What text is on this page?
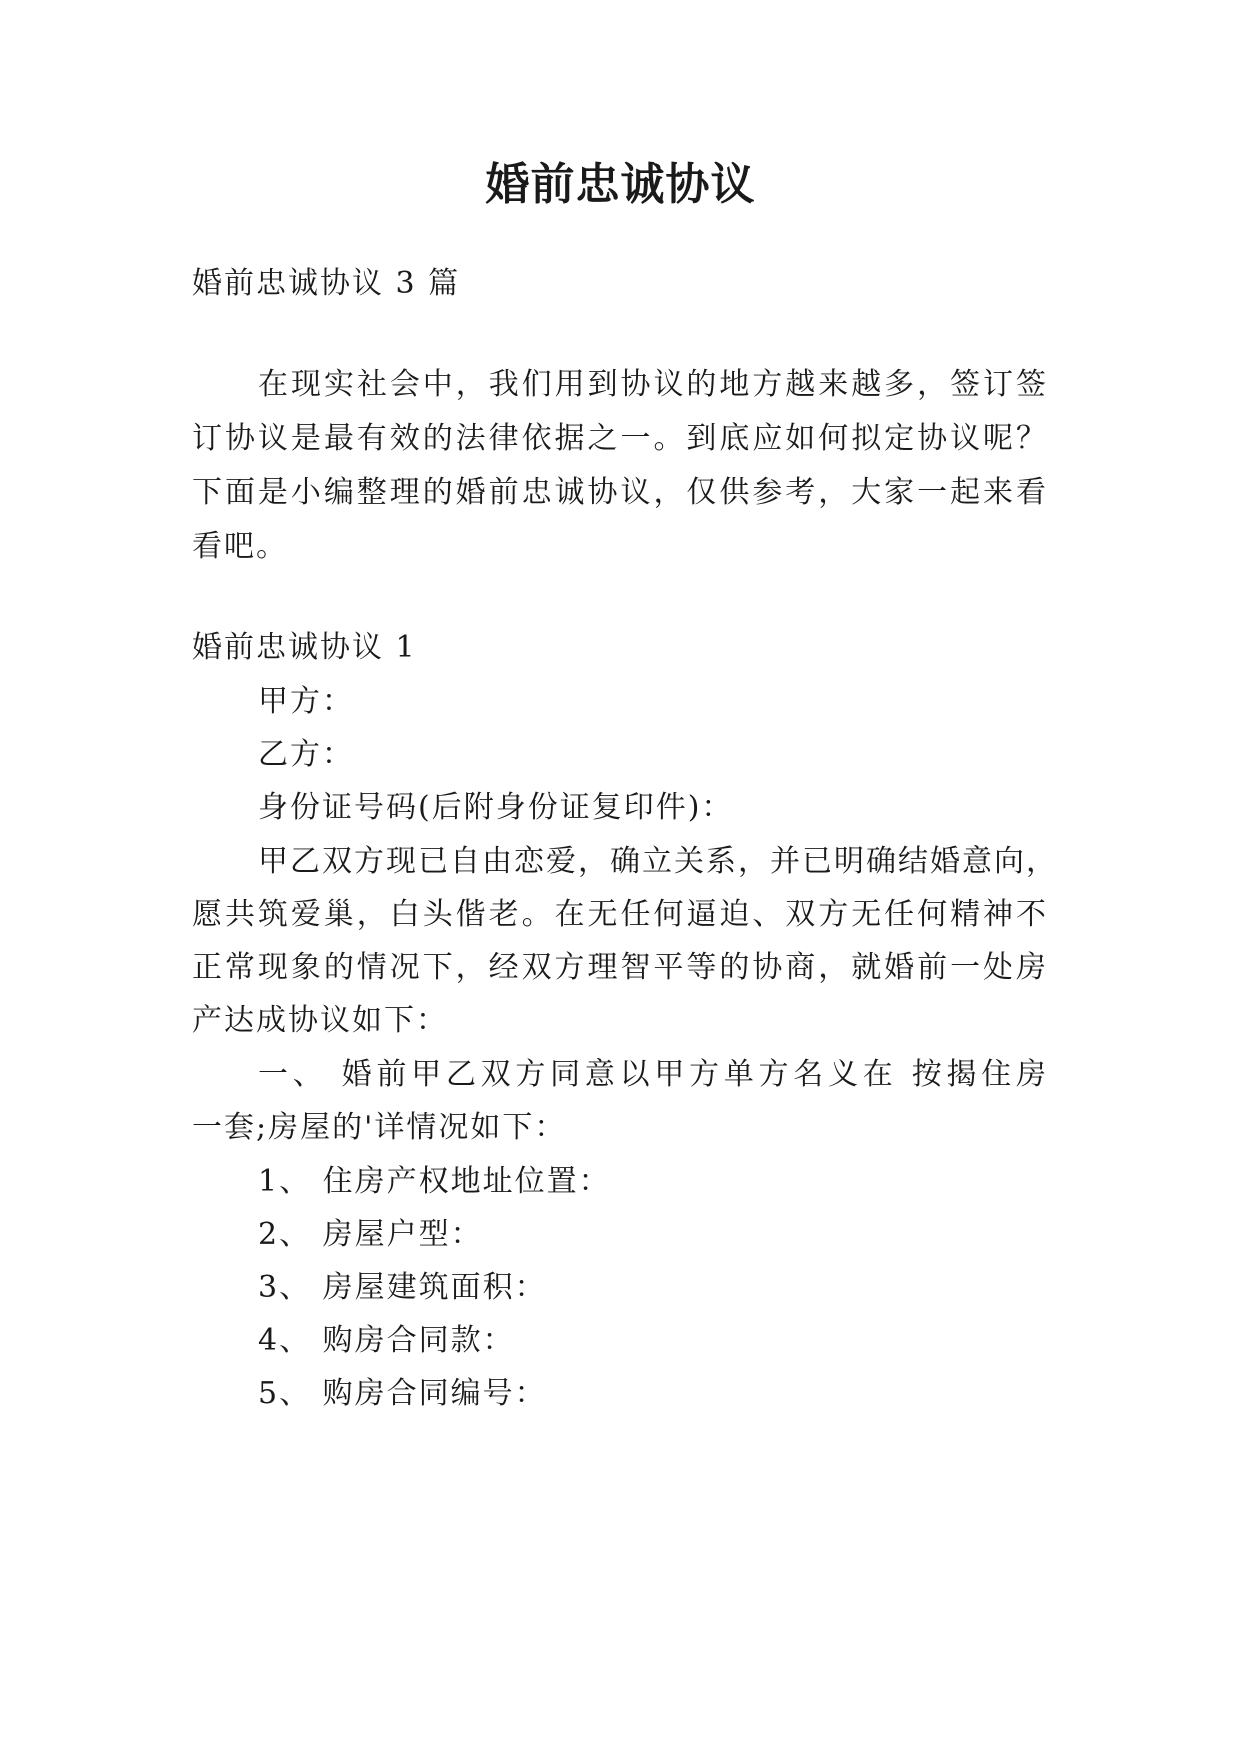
婚前忠诚协议
婚前忠诚协议 3 篇
在现实社会中，我们用到协议的地方越来越多，签订签
订协议是最有效的法律依据之一。到底应如何拟定协议呢？
下面是小编整理的婚前忠诚协议，仅供参考，大家一起来看
看吧。
婚前忠诚协议 1
甲方：
乙方：
身份证号码(后附身份证复印件)：
甲乙双方现已自由恋爱，确立关系，并已明确结婚意向，
愿共筑爱巢，白头偕老。在无任何逼迫、双方无任何精神不
正常现象的情况下，经双方理智平等的协商，就婚前一处房
产达成协议如下：
一、 婚前甲乙双方同意以甲方单方名义在 按揭住房
一套;房屋的'详情况如下：
1、 住房产权地址位置：
2、 房屋户型：
3、 房屋建筑面积：
4、 购房合同款：
5、 购房合同编号：
